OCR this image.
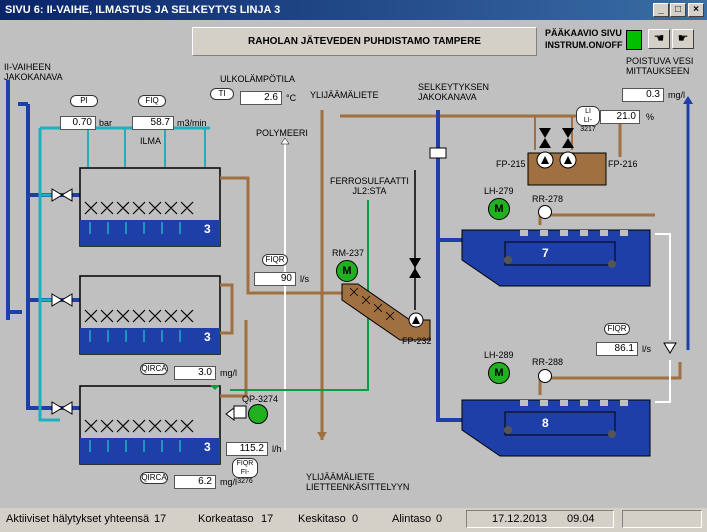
SIVU 6: II-VAIHE, ILMASTUS JA SELKEYTYS LINJA 3	_	□	×
RAHOLAN JÄTEVEDEN PUHDISTAMO TAMPERE
PÄÄKAAVIO SIVU
INSTRUM.ON/OFF	☚	☛
II-VAIHEEN
JAKOKANAVA	ULKOLÄMPÖTILA
YLIJÄÄMÄLIETE
SELKEYTYKSEN
JAKOKANAVA
POISTUVA VESI
MITTAUKSEEN
ILMA
POLYMEERI
FERROSULFAATTI
JL2:STA
YLIJÄÄMÄLIETE
LIETTEENKÄSITTELYYN
PI
0.70 bar
FIQ
58.7 m3/min
TI	2.6 °C
LI
LI-3217
21.0	%
0.3 mg/l
FIQR
90 l/s
FIQR
86.1 l/s
QIRCA	3.0 mg/l
QIRCA	6.2 mg/l
115.2 l/h
FIQR
FI-3276
FP-215	FP-216
LH-279
RR-278
RM-237
FP-232
LH-289
RR-288
QP-3274
M
M
M
3
3
3
7
8
Aktiiviset hälytykset yhteensä 17	Korkeataso 17 Keskitaso 0	Alintaso 0	17.12.2013 09.04
